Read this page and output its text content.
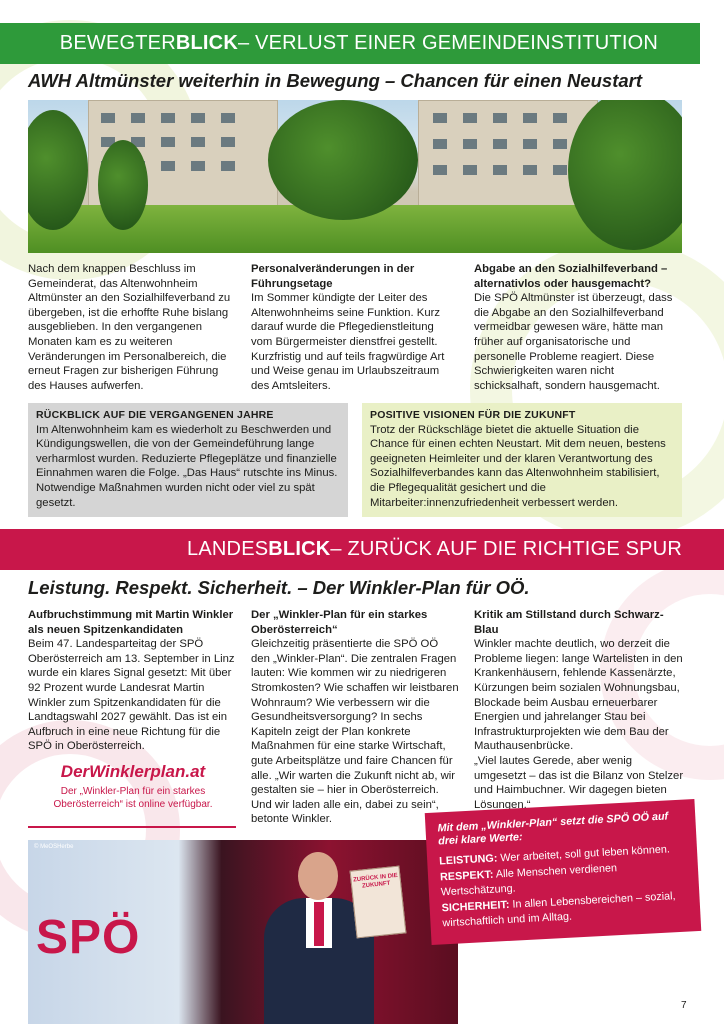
BEWEGTER BLICK – VERLUST EINER GEMEINDEINSTITUTION
AWH Altmünster weiterhin in Bewegung – Chancen für einen Neustart
Nach dem knappen Beschluss im Gemeinderat, das Altenwohnheim Altmünster an den Sozialhilfeverband zu übergeben, ist die erhoffte Ruhe bislang ausgeblieben. In den vergangenen Monaten kam es zu weiteren Veränderungen im Personalbereich, die erneut Fragen zur bisherigen Führung des Hauses aufwerfen.
Personalveränderungen in der Führungsetage
Im Sommer kündigte der Leiter des Altenwohnheims seine Funktion. Kurz darauf wurde die Pflegedienstleitung vom Bürgermeister dienstfrei gestellt. Kurzfristig und auf teils fragwürdige Art und Weise genau im Urlaubszeitraum des Amtsleiters.
Abgabe an den Sozialhilfeverband – alternativlos oder hausgemacht?
Die SPÖ Altmünster ist überzeugt, dass die Abgabe an den Sozialhilfeverband vermeidbar gewesen wäre, hätte man früher auf organisatorische und personelle Probleme reagiert. Diese Schwierigkeiten waren nicht schicksalhaft, sondern hausgemacht.
RÜCKBLICK AUF DIE VERGANGENEN JAHRE
Im Altenwohnheim kam es wiederholt zu Beschwerden und Kündigungswellen, die von der Gemeindeführung lange verharmlost wurden. Reduzierte Pflegeplätze und finanzielle Einnahmen waren die Folge. „Das Haus“ rutschte ins Minus. Notwendige Maßnahmen wurden nicht oder viel zu spät gesetzt.
POSITIVE VISIONEN FÜR DIE ZUKUNFT
Trotz der Rückschläge bietet die aktuelle Situation die Chance für einen echten Neustart. Mit dem neuen, bestens geeigneten Heimleiter und der klaren Verantwortung des Sozialhilfeverbandes kann das Altenwohnheim stabilisiert, die Pflegequalität gesichert und die Mitarbeiter:innenzufriedenheit verbessert werden.
LANDES BLICK – ZURÜCK AUF DIE RICHTIGE SPUR
Leistung. Respekt. Sicherheit. – Der Winkler-Plan für OÖ.
Aufbruchstimmung mit Martin Winkler als neuen Spitzenkandidaten
Beim 47. Landesparteitag der SPÖ Oberösterreich am 13. September in Linz wurde ein klares Signal gesetzt: Mit über 92 Prozent wurde Landesrat Martin Winkler zum Spitzenkandidaten für die Landtagswahl 2027 gewählt. Das ist ein Aufbruch in eine neue Richtung für die SPÖ in Oberösterreich.
Der „Winkler-Plan für ein starkes Oberösterreich“
Gleichzeitig präsentierte die SPÖ OÖ den „Winkler-Plan“. Die zentralen Fragen lauten: Wie kommen wir zu niedrigeren Stromkosten? Wie schaffen wir leistbaren Wohnraum? Wie verbessern wir die Gesundheitsversorgung? In sechs Kapiteln zeigt der Plan konkrete Maßnahmen für eine starke Wirtschaft, gute Arbeitsplätze und faire Chancen für alle. „Wir warten die Zukunft nicht ab, wir gestalten sie – hier in Oberösterreich. Und wir laden alle ein, dabei zu sein“, betonte Winkler.
Kritik am Stillstand durch Schwarz-Blau
Winkler machte deutlich, wo derzeit die Probleme liegen: lange Wartelisten in den Krankenhäusern, fehlende Kassenärzte, Kürzungen beim sozialen Wohnungsbau, Blockade beim Ausbau erneuerbarer Energien und jahrelanger Stau bei Infrastrukturprojekten wie dem Bau der Mauthausenbrücke.
„Viel lautes Gerede, aber wenig umgesetzt – das ist die Bilanz von Stelzer und Haimbuchner. Wir dagegen bieten Lösungen.“
DerWinklerplan.at
Der „Winkler-Plan für ein starkes Oberösterreich“ ist online verfügbar.
© MeOSHerbe
SPÖ
ZURÜCK IN DIE ZUKUNFT
Mit dem „Winkler-Plan“ setzt die SPÖ OÖ auf drei klare Werte:
LEISTUNG: Wer arbeitet, soll gut leben können.
RESPEKT: Alle Menschen verdienen Wertschätzung.
SICHERHEIT: In allen Lebensbereichen – sozial, wirtschaftlich und im Alltag.
7
